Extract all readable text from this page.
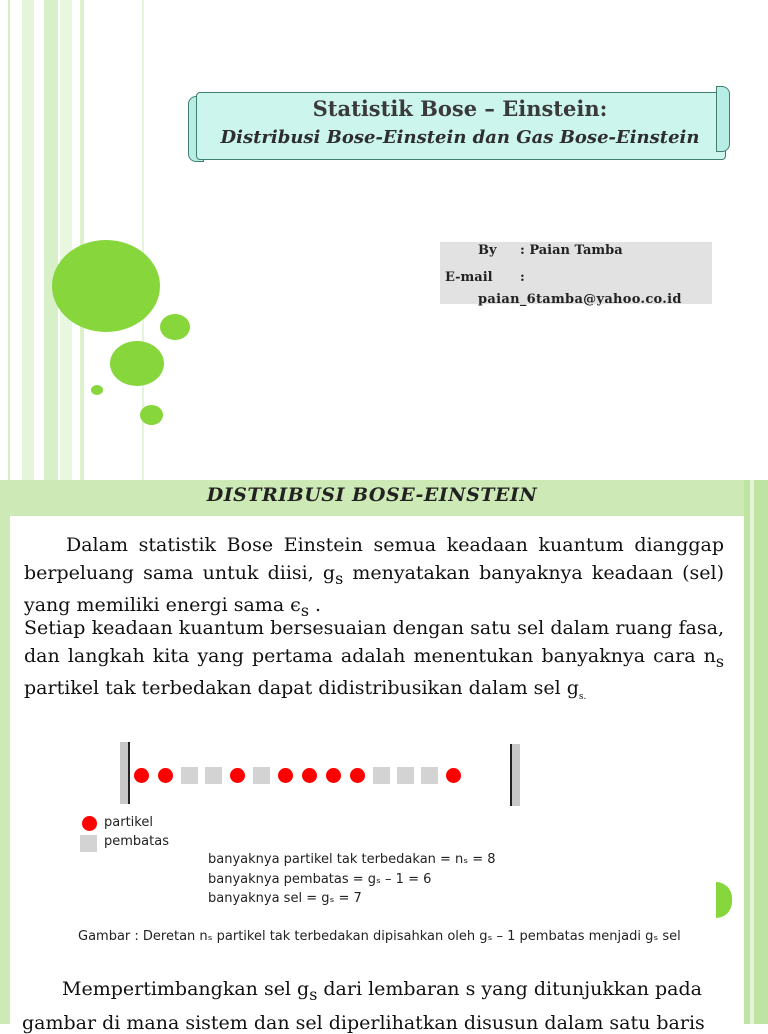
Statistik Bose – Einstein:
Distribusi Bose-Einstein dan Gas Bose-Einstein
By : Paian Tamba
E-mail :
paian_6tamba@yahoo.co.id
DISTRIBUSI BOSE-EINSTEIN
Dalam statistik Bose Einstein semua keadaan kuantum dianggap berpeluang sama untuk diisi, $g_s$ menyatakan banyaknya keadaan (sel) yang memiliki energi sama $\epsilon_s$ .
Setiap keadaan kuantum bersesuaian dengan satu sel dalam ruang fasa, dan langkah kita yang pertama adalah menentukan banyaknya cara $n_s$ partikel tak terbedakan dapat didistribusikan dalam sel $g_{s.}$
partikel
pembatas
banyaknya partikel tak terbedakan = nₛ = 8
banyaknya pembatas = gₛ – 1 = 6
banyaknya sel = gₛ = 7
Gambar : Deretan nₛ partikel tak terbedakan dipisahkan oleh gₛ – 1 pembatas menjadi gₛ sel
Mempertimbangkan sel $g_s$ dari lembaran s yang ditunjukkan pada
gambar di mana sistem dan sel diperlihatkan disusun dalam satu baris
